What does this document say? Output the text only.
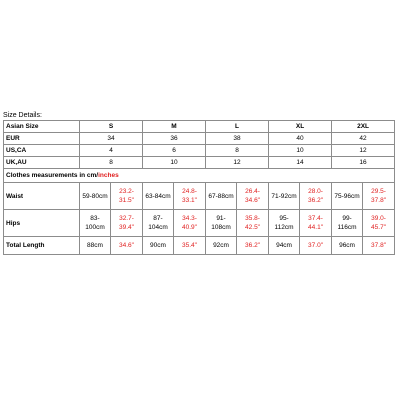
Size Details:
Asian Size	S		M		L		XL		2XL	
EUR	34		36		38		40		42	
US,CA	4		6		8		10		12	
UK,AU	8		10		12		14		16	
Clothes measurements in cm/inches										
Waist	59-80cm	23.2-31.5"	63-84cm	24.8-33.1"	67-88cm	26.4-34.6"	71-92cm	28.0-36.2"	75-96cm	29.5-37.8"
Hips	83-100cm	32.7-39.4"	87-104cm	34.3-40.9"	91-108cm	35.8-42.5"	95-112cm	37.4-44.1"	99-116cm	39.0-45.7"
Total Length	88cm	34.6"	90cm	35.4"	92cm	36.2"	94cm	37.0"	96cm	37.8"
